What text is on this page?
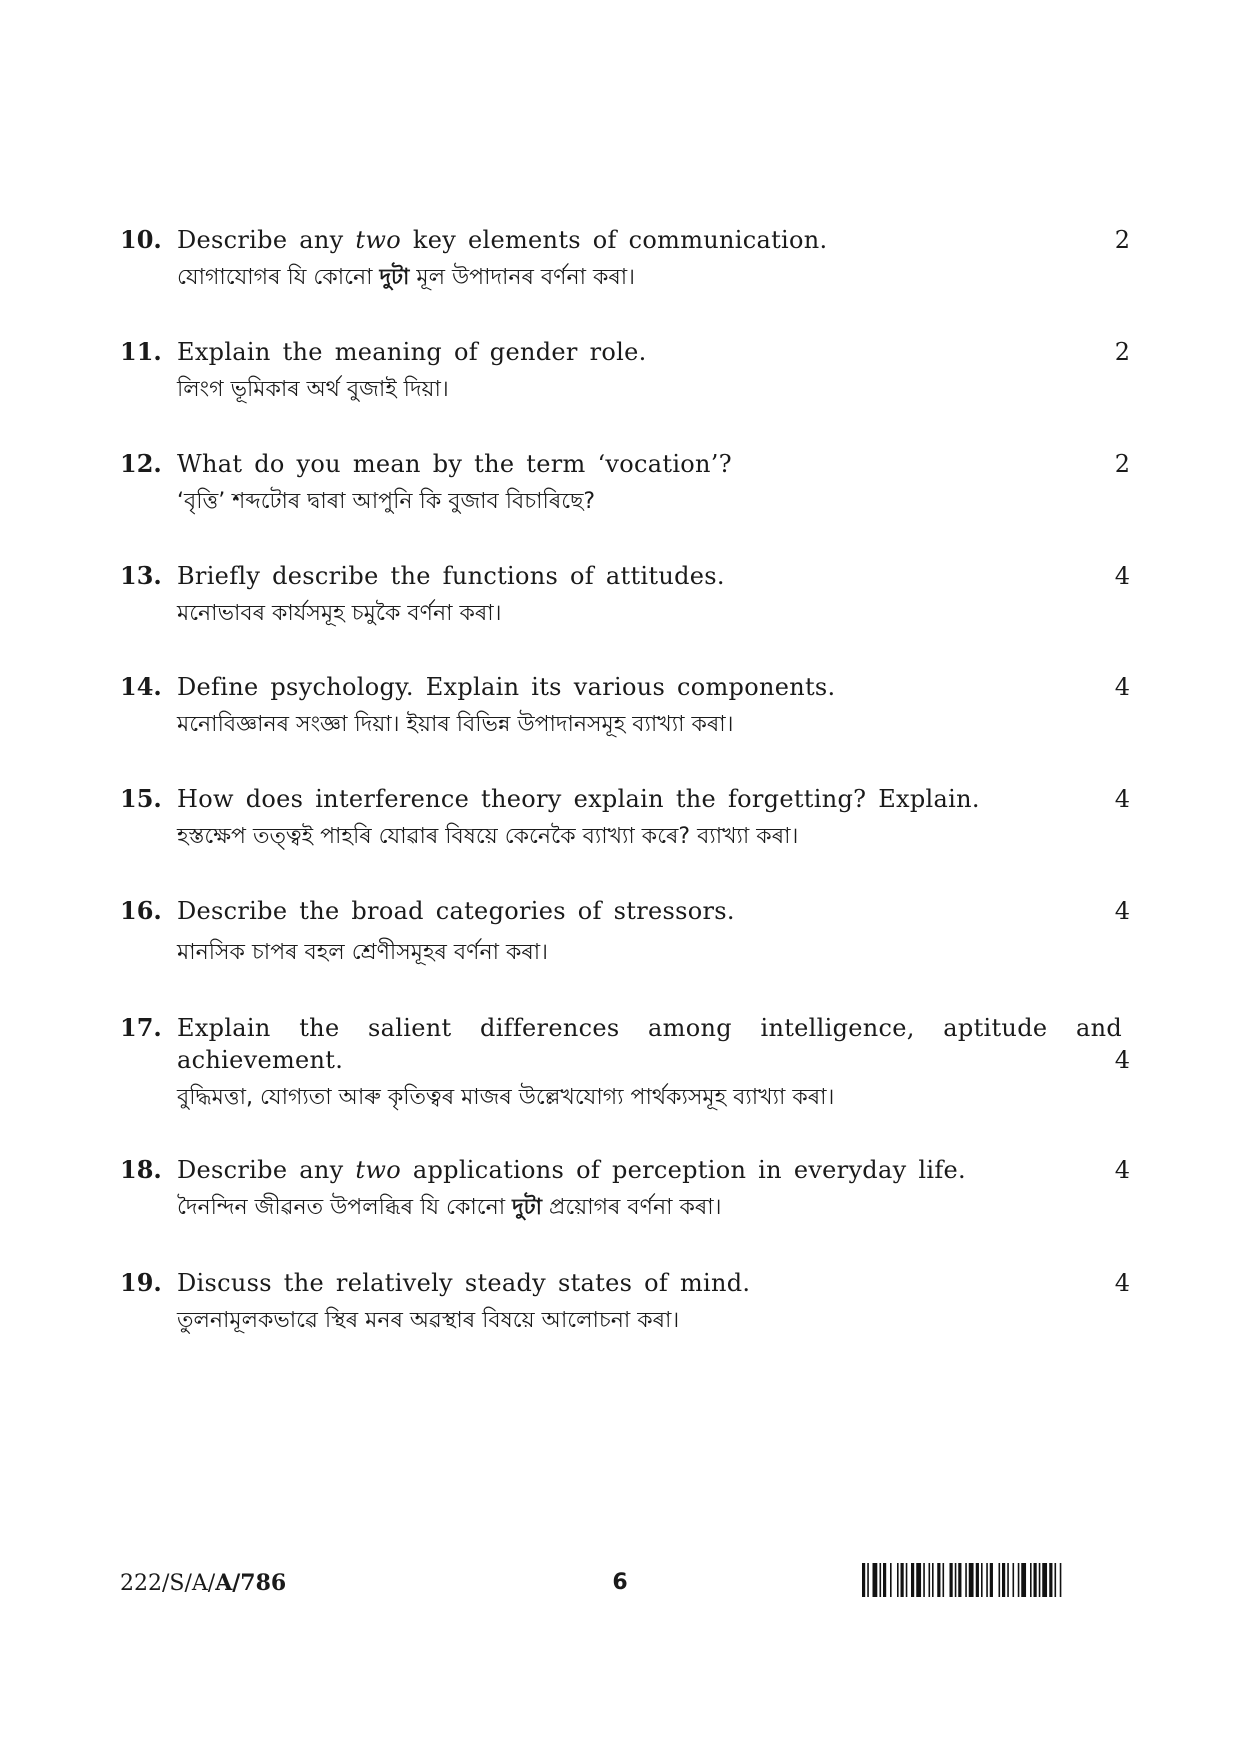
10. Describe any two key elements of communication.
যোগাযোগৰ যি কোনো দুটা মূল উপাদানৰ বৰ্ণনা কৰা।
2
11. Explain the meaning of gender role.
লিংগ ভূমিকাৰ অৰ্থ বুজাই দিয়া।
2
12. What do you mean by the term ‘vocation’?
‘বৃত্তি’ শব্দটোৰ দ্বাৰা আপুনি কি বুজাব বিচাৰিছে?
2
13. Briefly describe the functions of attitudes.
মনোভাবৰ কাৰ্যসমূহ চমুকৈ বৰ্ণনা কৰা।
4
14. Define psychology. Explain its various components.
মনোবিজ্ঞানৰ সংজ্ঞা দিয়া। ইয়াৰ বিভিন্ন উপাদানসমূহ ব্যাখ্যা কৰা।
4
15. How does interference theory explain the forgetting? Explain.
হস্তক্ষেপ তত্ত্বই পাহৰি যোৱাৰ বিষয়ে কেনেকৈ ব্যাখ্যা কৰে? ব্যাখ্যা কৰা।
4
16. Describe the broad categories of stressors.
মানসিক চাপৰ বহল শ্ৰেণীসমূহৰ বৰ্ণনা কৰা।
4
17. Explain the salient differences among intelligence, aptitude and
achievement.
বুদ্ধিমত্তা, যোগ্যতা আৰু কৃতিত্বৰ মাজৰ উল্লেখযোগ্য পাৰ্থক্যসমূহ ব্যাখ্যা কৰা।
4
18. Describe any two applications of perception in everyday life.
দৈনন্দিন জীৱনত উপলব্ধিৰ যি কোনো দুটা প্ৰয়োগৰ বৰ্ণনা কৰা।
4
19. Discuss the relatively steady states of mind.
তুলনামূলকভাৱে স্থিৰ মনৰ অৱস্থাৰ বিষয়ে আলোচনা কৰা।
4
222/S/A/A/786	6
